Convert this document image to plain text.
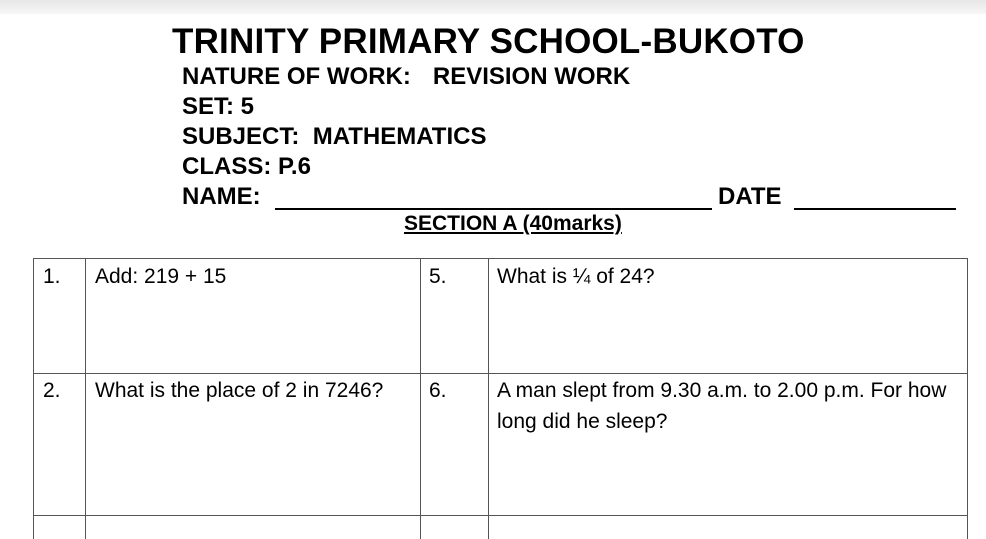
TRINITY PRIMARY SCHOOL-BUKOTO
NATURE OF WORK: REVISION WORK
SET: 5
SUBJECT: MATHEMATICS
CLASS: P.6
NAME:	DATE
SECTION A (40marks)
1. Add: 219 + 15	5. What is ¼ of 24?
2. What is the place of 2 in 7246?	6. A man slept from 9.30 a.m. to 2.00 p.m. For how long did he sleep?
